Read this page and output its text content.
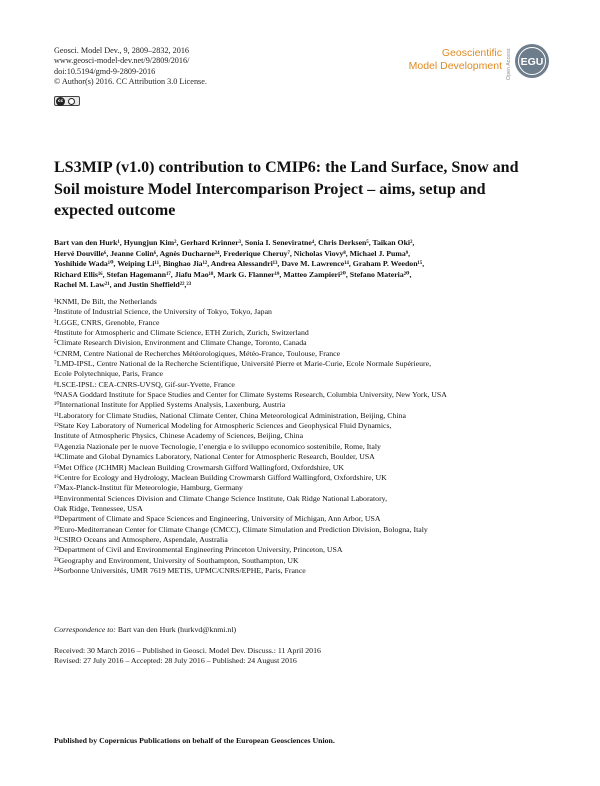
Geosci. Model Dev., 9, 2809–2832, 2016
www.geosci-model-dev.net/9/2809/2016/
doi:10.5194/gmd-9-2809-2016
© Author(s) 2016. CC Attribution 3.0 License.
cc
Geoscientific
Model Development Open Access EGU
LS3MIP (v1.0) contribution to CMIP6: the Land Surface, Snow and
Soil moisture Model Intercomparison Project – aims, setup and
expected outcome
Bart van den Hurk¹, Hyungjun Kim², Gerhard Krinner³, Sonia I. Seneviratne⁴, Chris Derksen⁵, Taikan Oki²,
Hervé Douville⁶, Jeanne Colin⁶, Agnès Ducharne²⁴, Frederique Cheruy⁷, Nicholas Viovy⁸, Michael J. Puma⁹,
Yoshihide Wada¹⁰, Weiping Li¹¹, Binghao Jia¹², Andrea Alessandri¹³, Dave M. Lawrence¹⁴, Graham P. Weedon¹⁵,
Richard Ellis¹⁶, Stefan Hagemann¹⁷, Jiafu Mao¹⁸, Mark G. Flanner¹⁹, Matteo Zampieri²⁰, Stefano Materia²⁰,
Rachel M. Law²¹, and Justin Sheffield²²,²³
¹KNMI, De Bilt, the Netherlands
²Institute of Industrial Science, the University of Tokyo, Tokyo, Japan
³LGGE, CNRS, Grenoble, France
⁴Institute for Atmospheric and Climate Science, ETH Zurich, Zurich, Switzerland
⁵Climate Research Division, Environment and Climate Change, Toronto, Canada
⁶CNRM, Centre National de Recherches Météorologiques, Météo-France, Toulouse, France
⁷LMD-IPSL, Centre National de la Recherche Scientifique, Université Pierre et Marie-Curie, Ecole Normale Supérieure,
Ecole Polytechnique, Paris, France
⁸LSCE-IPSL: CEA-CNRS-UVSQ, Gif-sur-Yvette, France
⁹NASA Goddard Institute for Space Studies and Center for Climate Systems Research, Columbia University, New York, USA
¹⁰International Institute for Applied Systems Analysis, Laxenburg, Austria
¹¹Laboratory for Climate Studies, National Climate Center, China Meteorological Administration, Beijing, China
¹²State Key Laboratory of Numerical Modeling for Atmospheric Sciences and Geophysical Fluid Dynamics,
Institute of Atmospheric Physics, Chinese Academy of Sciences, Beijing, China
¹³Agenzia Nazionale per le nuove Tecnologie, l’energia e lo sviluppo economico sostenibile, Rome, Italy
¹⁴Climate and Global Dynamics Laboratory, National Center for Atmospheric Research, Boulder, USA
¹⁵Met Office (JCHMR) Maclean Building Crowmarsh Gifford Wallingford, Oxfordshire, UK
¹⁶Centre for Ecology and Hydrology, Maclean Building Crowmarsh Gifford Wallingford, Oxfordshire, UK
¹⁷Max-Planck-Institut für Meteorologie, Hamburg, Germany
¹⁸Environmental Sciences Division and Climate Change Science Institute, Oak Ridge National Laboratory,
Oak Ridge, Tennessee, USA
¹⁹Department of Climate and Space Sciences and Engineering, University of Michigan, Ann Arbor, USA
²⁰Euro-Mediterranean Center for Climate Change (CMCC), Climate Simulation and Prediction Division, Bologna, Italy
²¹CSIRO Oceans and Atmosphere, Aspendale, Australia
²²Department of Civil and Environmental Engineering Princeton University, Princeton, USA
²³Geography and Environment, University of Southampton, Southampton, UK
²⁴Sorbonne Universités, UMR 7619 METIS, UPMC/CNRS/EPHE, Paris, France
Correspondence to: Bart van den Hurk (hurkvd@knmi.nl)
Received: 30 March 2016 – Published in Geosci. Model Dev. Discuss.: 11 April 2016
Revised: 27 July 2016 – Accepted: 28 July 2016 – Published: 24 August 2016
Published by Copernicus Publications on behalf of the European Geosciences Union.
